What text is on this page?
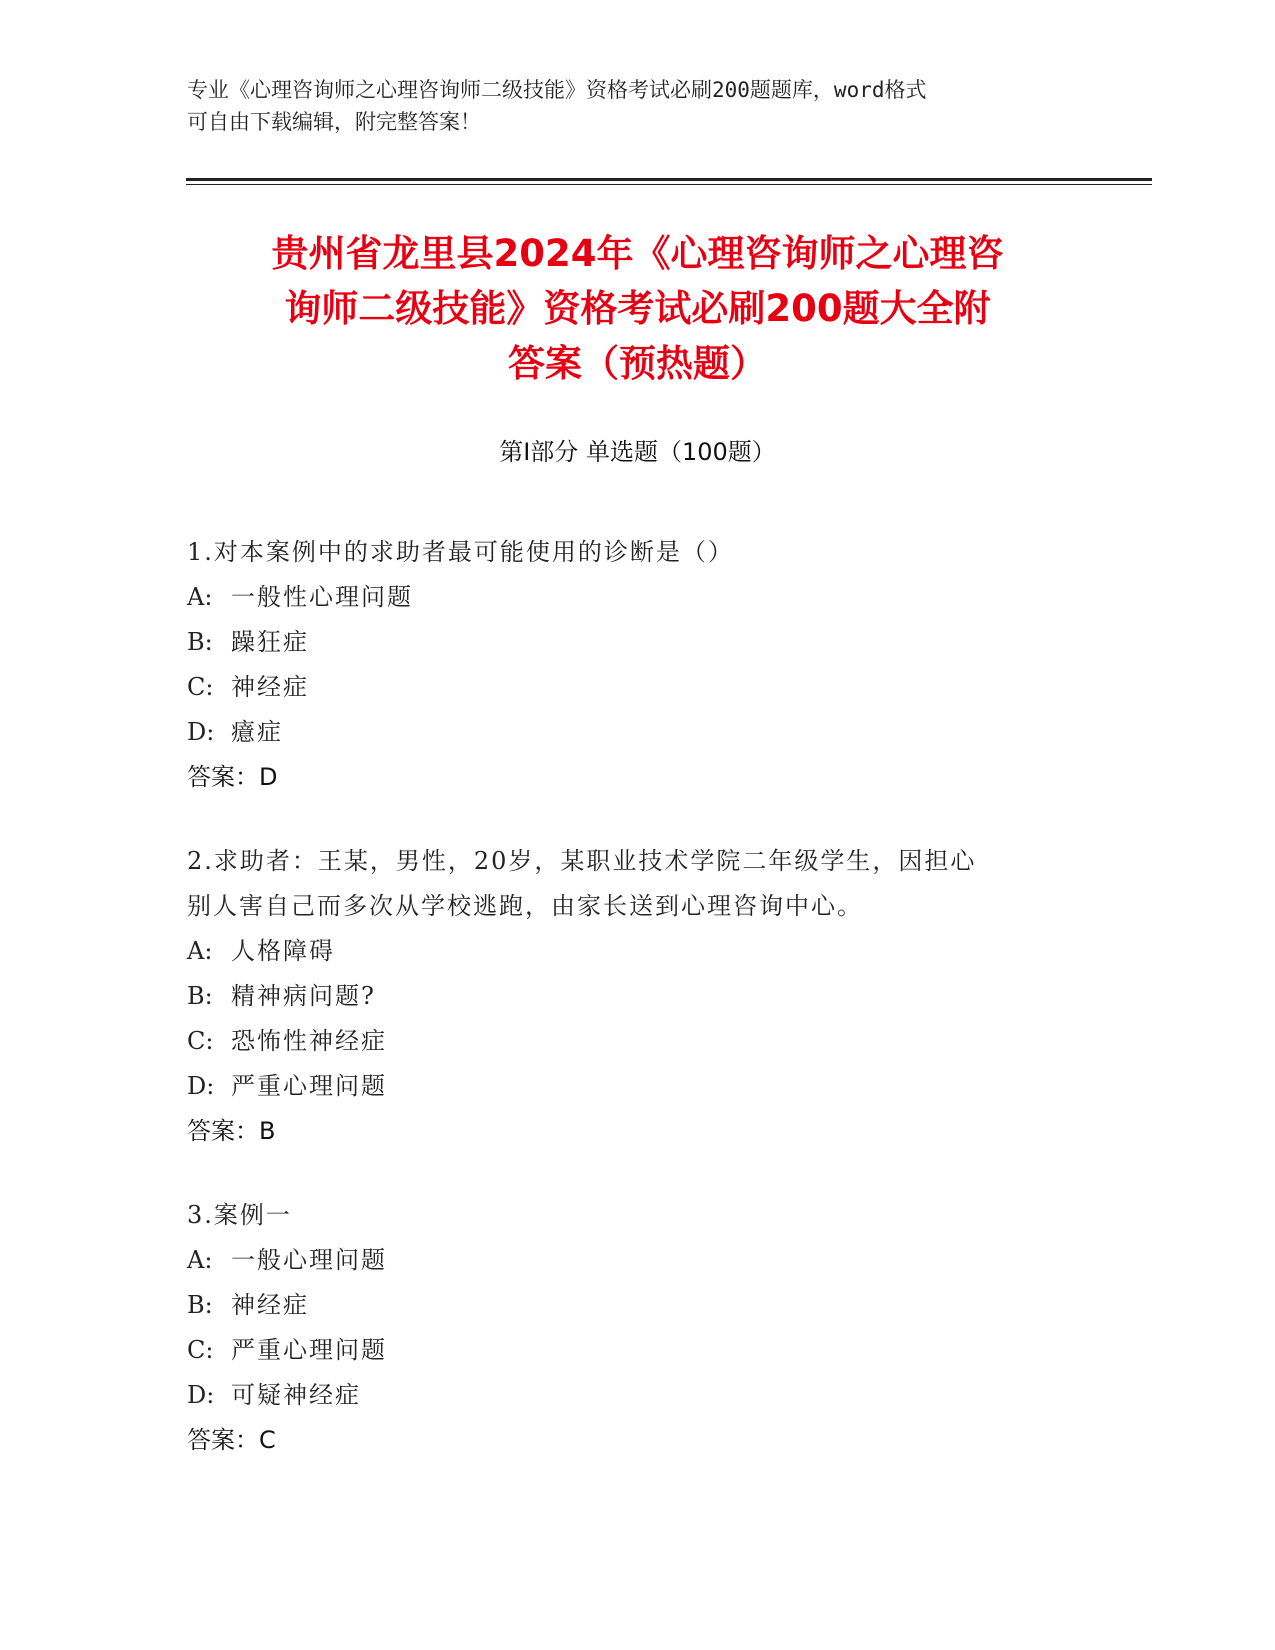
专业《心理咨询师之心理咨询师二级技能》资格考试必刷200题题库，word格式
可自由下载编辑，附完整答案！
贵州省龙里县2024年《心理咨询师之心理咨
询师二级技能》资格考试必刷200题大全附
答案（预热题）
第Ⅰ部分 单选题（100题）
1.对本案例中的求助者最可能使用的诊断是（）
A: 一般性心理问题
B: 躁狂症
C: 神经症
D: 癔症
答案：D
2.求助者：王某，男性，20岁，某职业技术学院二年级学生，因担心
别人害自己而多次从学校逃跑，由家长送到心理咨询中心。
A: 人格障碍
B: 精神病问题?
C: 恐怖性神经症
D: 严重心理问题
答案：B
3.案例一
A: 一般心理问题
B: 神经症
C: 严重心理问题
D: 可疑神经症
答案：C
